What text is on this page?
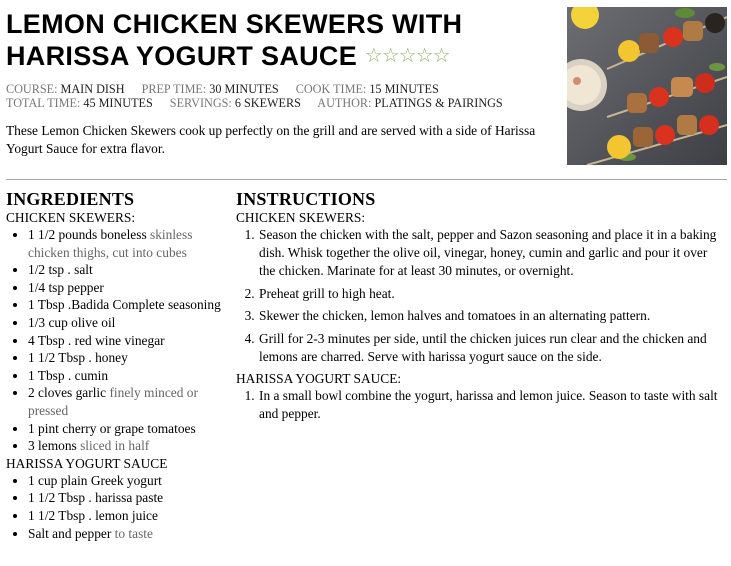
LEMON CHICKEN SKEWERS WITH HARISSA YOGURT SAUCE ☆☆☆☆☆
COURSE: MAIN DISH PREP TIME: 30 MINUTES COOK TIME: 15 MINUTES
TOTAL TIME: 45 MINUTES SERVINGS: 6 SKEWERS AUTHOR: PLATINGS & PAIRINGS
These Lemon Chicken Skewers cook up perfectly on the grill and are served with a side of Harissa Yogurt Sauce for extra flavor.
INGREDIENTS
CHICKEN SKEWERS:
• 1 1/2 pounds boneless skinless chicken thighs, cut into cubes
• 1/2 tsp . salt
• 1/4 tsp pepper
• 1 Tbsp .Badida Complete seasoning
• 1/3 cup olive oil
• 4 Tbsp . red wine vinegar
• 1 1/2 Tbsp . honey
• 1 Tbsp . cumin
• 2 cloves garlic finely minced or pressed
• 1 pint cherry or grape tomatoes
• 3 lemons sliced in half
HARISSA YOGURT SAUCE
• 1 cup plain Greek yogurt
• 1 1/2 Tbsp . harissa paste
• 1 1/2 Tbsp . lemon juice
• Salt and pepper to taste
INSTRUCTIONS
CHICKEN SKEWERS:
1. Season the chicken with the salt, pepper and Sazon seasoning and place it in a baking dish. Whisk together the olive oil, vinegar, honey, cumin and garlic and pour it over the chicken. Marinate for at least 30 minutes, or overnight.
2. Preheat grill to high heat.
3. Skewer the chicken, lemon halves and tomatoes in an alternating pattern.
4. Grill for 2-3 minutes per side, until the chicken juices run clear and the chicken and lemons are charred. Serve with harissa yogurt sauce on the side.
HARISSA YOGURT SAUCE:
1. In a small bowl combine the yogurt, harissa and lemon juice. Season to taste with salt and pepper.
